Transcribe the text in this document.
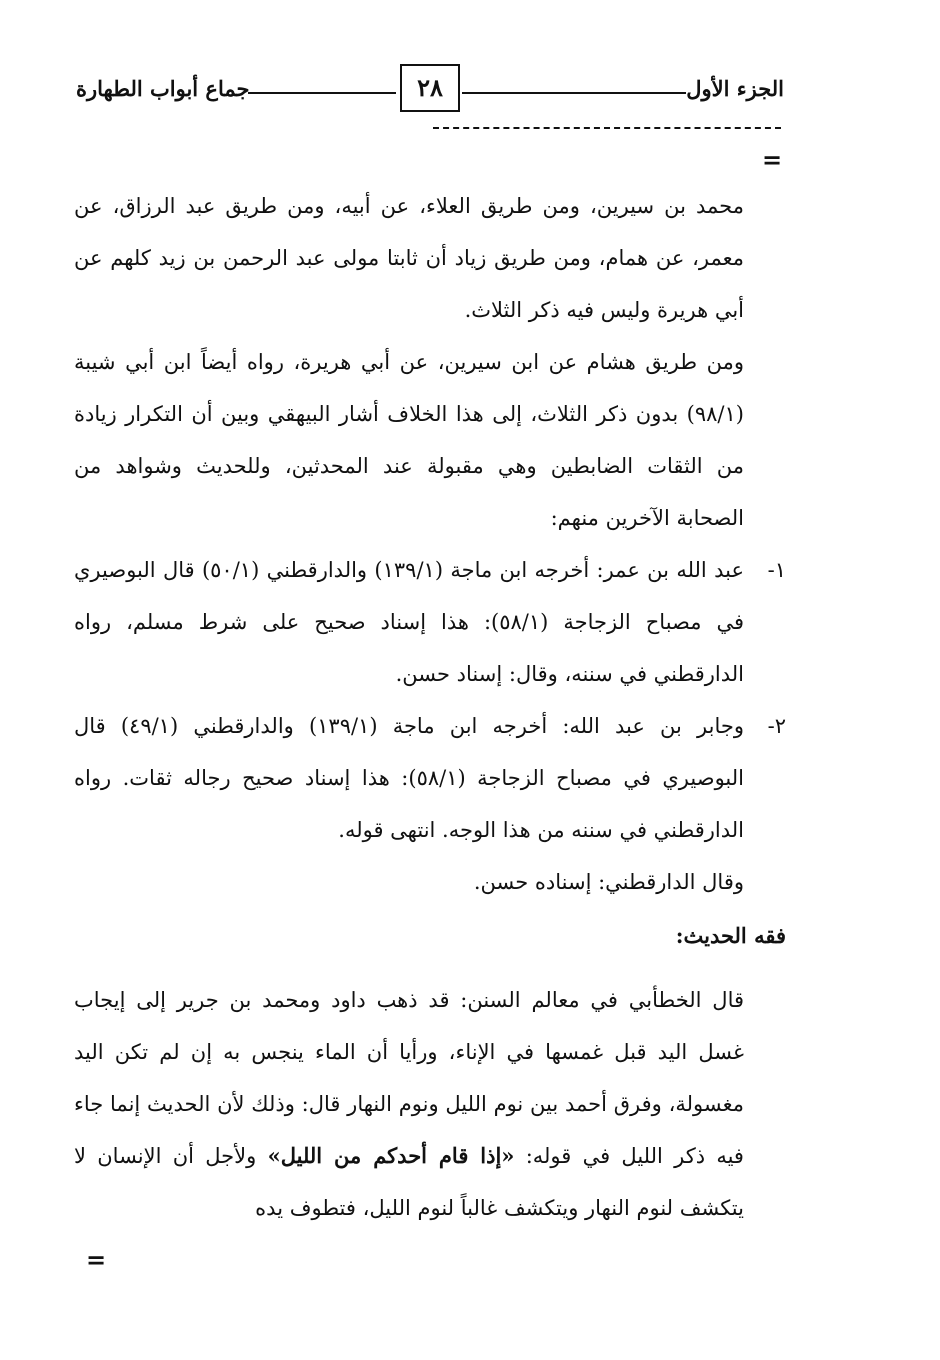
الجزء الأول
٢٨
جماع أبواب الطهارة
=

محمد بن سيرين، ومن طريق العلاء، عن أبيه، ومن طريق عبد الرزاق، عن معمر، عن همام، ومن طريق زياد أن ثابتا مولى عبد الرحمن بن زيد كلهم عن أبي هريرة وليس فيه ذكر الثلاث.

ومن طريق هشام عن ابن سيرين، عن أبي هريرة، رواه أيضاً ابن أبي شيبة (٩٨/١) بدون ذكر الثلاث، إلى هذا الخلاف أشار البيهقي وبين أن التكرار زيادة من الثقات الضابطين وهي مقبولة عند المحدثين، وللحديث وشواهد من الصحابة الآخرين منهم:

١-
عبد الله بن عمر: أخرجه ابن ماجة (١٣٩/١) والدارقطني (٥٠/١) قال البوصيري في مصباح الزجاجة (٥٨/١): هذا إسناد صحيح على شرط مسلم، رواه الدارقطني في سننه، وقال: إسناد حسن.
٢-
وجابر بن عبد الله: أخرجه ابن ماجة (١٣٩/١) والدارقطني (٤٩/١) قال البوصيري في مصباح الزجاجة (٥٨/١): هذا إسناد صحيح رجاله ثقات. رواه الدارقطني في سننه من هذا الوجه. انتهى قوله.

وقال الدارقطني: إسناده حسن.

فقه الحديث:

قال الخطأبي في معالم السنن: قد ذهب داود ومحمد بن جرير إلى إيجاب غسل اليد قبل غمسها في الإناء، ورأيا أن الماء ينجس به إن لم تكن اليد مغسولة، وفرق أحمد بين نوم الليل ونوم النهار قال: وذلك لأن الحديث إنما جاء فيه ذكر الليل في قوله: «إذا قام أحدكم من الليل» ولأجل أن الإنسان لا يتكشف لنوم النهار ويتكشف غالباً لنوم الليل، فتطوف يده

=
